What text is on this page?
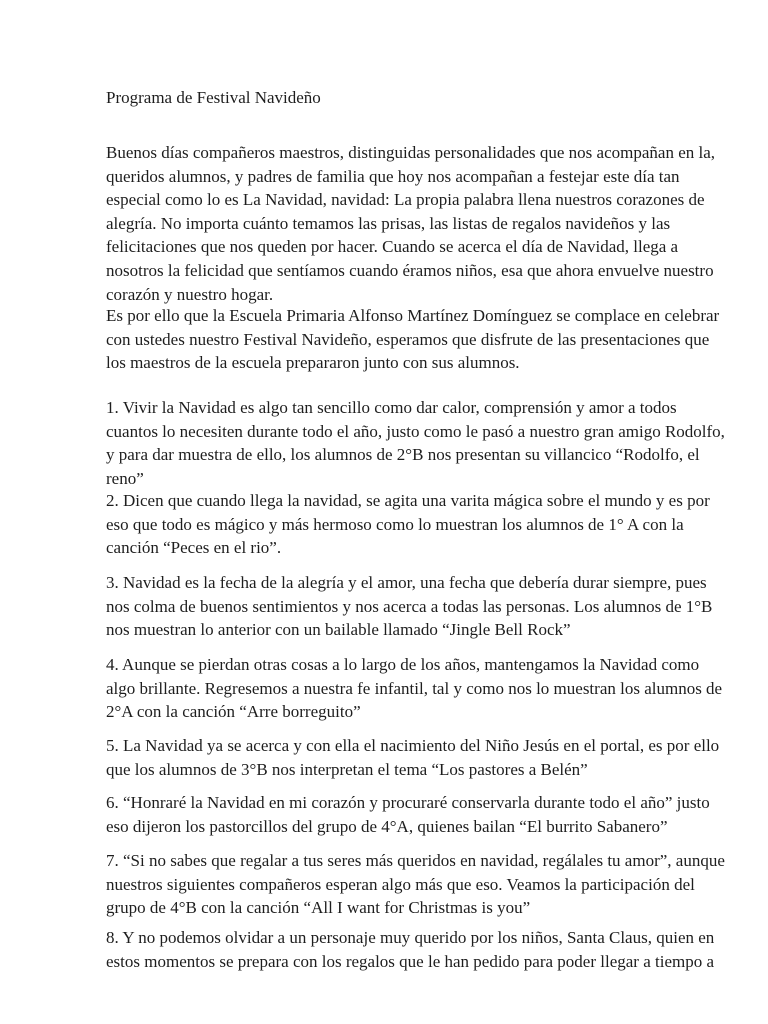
Programa de Festival Navideño
Buenos días compañeros maestros, distinguidas personalidades que nos acompañan en la,
queridos alumnos, y padres de familia que hoy nos acompañan a festejar este día tan
especial como lo es La Navidad, navidad: La propia palabra llena nuestros corazones de
alegría. No importa cuánto temamos las prisas, las listas de regalos navideños y las
felicitaciones que nos queden por hacer. Cuando se acerca el día de Navidad, llega a
nosotros la felicidad que sentíamos cuando éramos niños, esa que ahora envuelve nuestro
corazón y nuestro hogar.
Es por ello que la Escuela Primaria Alfonso Martínez Domínguez se complace en celebrar
con ustedes nuestro Festival Navideño, esperamos que disfrute de las presentaciones que
los maestros de la escuela prepararon junto con sus alumnos.
1. Vivir la Navidad es algo tan sencillo como dar calor, comprensión y amor a todos
cuantos lo necesiten durante todo el año, justo como le pasó a nuestro gran amigo Rodolfo,
y para dar muestra de ello, los alumnos de 2°B nos presentan su villancico “Rodolfo, el
reno”
2. Dicen que cuando llega la navidad, se agita una varita mágica sobre el mundo y es por
eso que todo es mágico y más hermoso como lo muestran los alumnos de 1° A con la
canción “Peces en el rio”.
3. Navidad es la fecha de la alegría y el amor, una fecha que debería durar siempre, pues
nos colma de buenos sentimientos y nos acerca a todas las personas. Los alumnos de 1°B
nos muestran lo anterior con un bailable llamado “Jingle Bell Rock”
4. Aunque se pierdan otras cosas a lo largo de los años, mantengamos la Navidad como
algo brillante. Regresemos a nuestra fe infantil, tal y como nos lo muestran los alumnos de
2°A con la canción “Arre borreguito”
5. La Navidad ya se acerca y con ella el nacimiento del Niño Jesús en el portal, es por ello
que los alumnos de 3°B nos interpretan el tema “Los pastores a Belén”
6. “Honraré la Navidad en mi corazón y procuraré conservarla durante todo el año” justo
eso dijeron los pastorcillos del grupo de 4°A, quienes bailan “El burrito Sabanero”
7. “Si no sabes que regalar a tus seres más queridos en navidad, regálales tu amor”, aunque
nuestros siguientes compañeros esperan algo más que eso. Veamos la participación del
grupo de 4°B con la canción “All I want for Christmas is you”
8. Y no podemos olvidar a un personaje muy querido por los niños, Santa Claus, quien en
estos momentos se prepara con los regalos que le han pedido para poder llegar a tiempo a
